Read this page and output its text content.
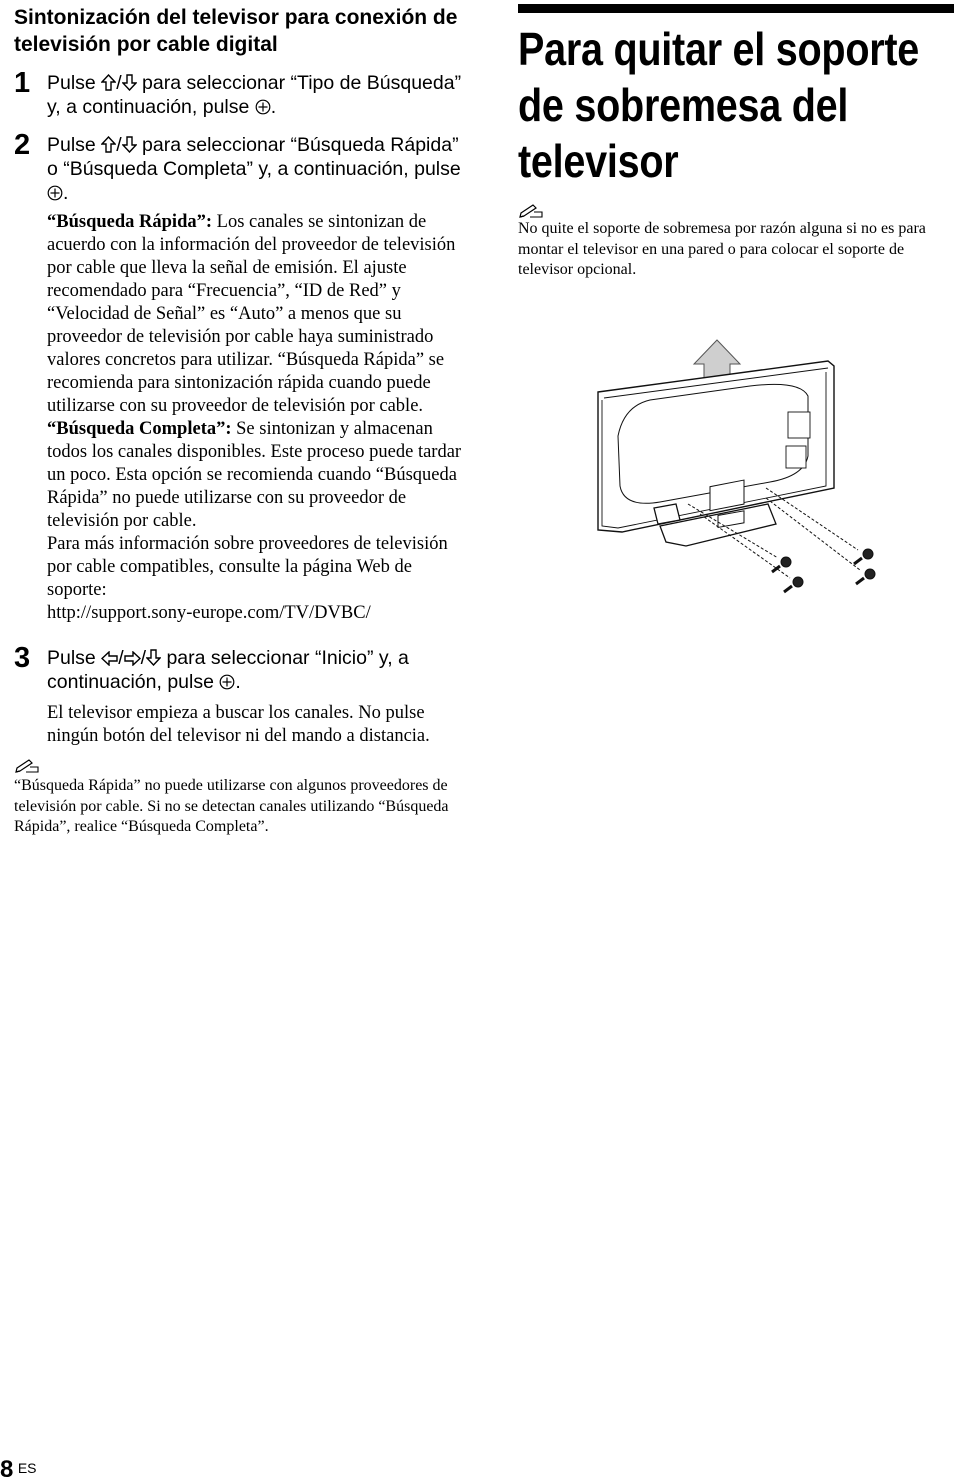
Sintonización del televisor para conexión de televisión por cable digital
1 Pulse / para seleccionar “Tipo de Búsqueda” y, a continuación, pulse .
2 Pulse / para seleccionar “Búsqueda Rápida” o “Búsqueda Completa” y, a continuación, pulse .
“Búsqueda Rápida”: Los canales se sintonizan de acuerdo con la información del proveedor de televisión por cable que lleva la señal de emisión. El ajuste recomendado para “Frecuencia”, “ID de Red” y “Velocidad de Señal” es “Auto” a menos que su proveedor de televisión por cable haya suministrado valores concretos para utilizar. “Búsqueda Rápida” se recomienda para sintonización rápida cuando puede utilizarse con su proveedor de televisión por cable.
“Búsqueda Completa”: Se sintonizan y almacenan todos los canales disponibles. Este proceso puede tardar un poco. Esta opción se recomienda cuando “Búsqueda Rápida” no puede utilizarse con su proveedor de televisión por cable.
Para más información sobre proveedores de televisión por cable compatibles, consulte la página Web de soporte:
http://support.sony-europe.com/TV/DVBC/
3 Pulse / / para seleccionar “Inicio” y, a continuación, pulse .
El televisor empieza a buscar los canales. No pulse ningún botón del televisor ni del mando a distancia.
“Búsqueda Rápida” no puede utilizarse con algunos proveedores de televisión por cable. Si no se detectan canales utilizando “Búsqueda Rápida”, realice “Búsqueda Completa”.
Para quitar el soporte de sobremesa del televisor
No quite el soporte de sobremesa por razón alguna si no es para montar el televisor en una pared o para colocar el soporte de televisor opcional.
8 ES
